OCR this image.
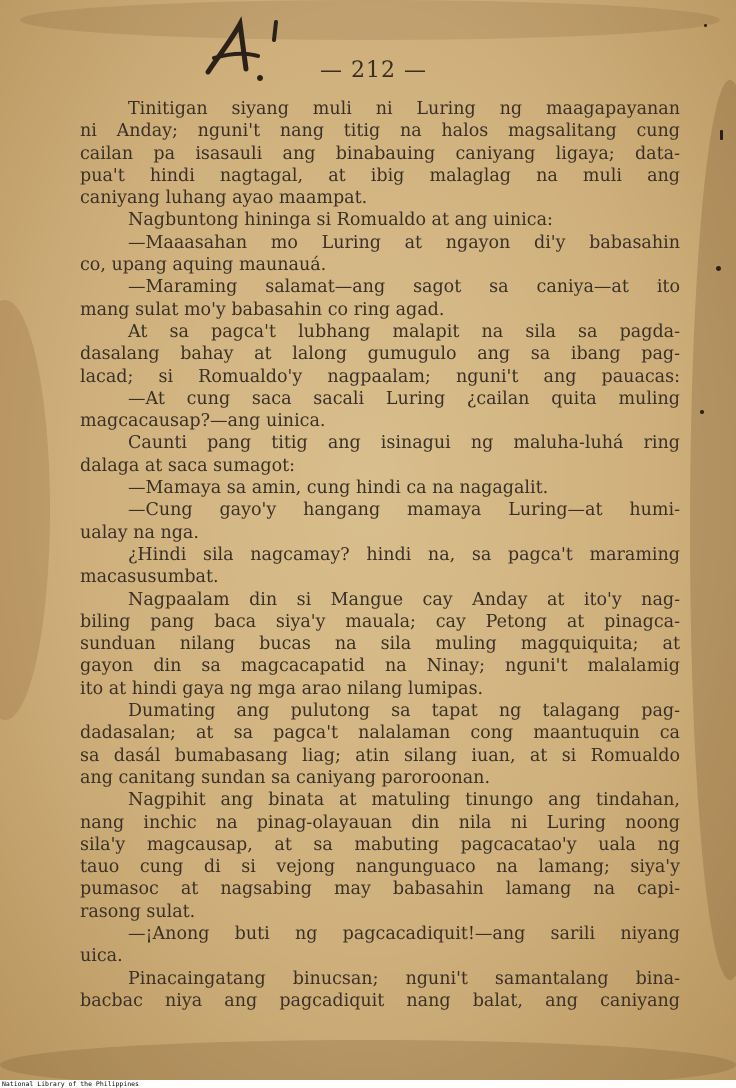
— 212 —
Tinitigan siyang muli ni Luring ng maagapayanan
ni Anday; nguni't nang titig na halos magsalitang cung
cailan pa isasauli ang binabauing caniyang ligaya; data-
pua't hindi nagtagal, at ibig malaglag na muli ang
caniyang luhang ayao maampat.
Nagbuntong hininga si Romualdo at ang uinica:
—Maaasahan mo Luring at ngayon di'y babasahin
co, upang aquing maunauá.
—Maraming salamat—ang sagot sa caniya—at ito
mang sulat mo'y babasahin co ring agad.
At sa pagca't lubhang malapit na sila sa pagda-
dasalang bahay at lalong gumugulo ang sa ibang pag-
lacad; si Romualdo'y nagpaalam; nguni't ang pauacas:
—At cung saca sacali Luring ¿cailan quita muling
magcacausap?—ang uinica.
Caunti pang titig ang isinagui ng maluha-luhá ring
dalaga at saca sumagot:
—Mamaya sa amin, cung hindi ca na nagagalit.
—Cung gayo'y hangang mamaya Luring—at humi-
ualay na nga.
¿Hindi sila nagcamay? hindi na, sa pagca't maraming
macasusumbat.
Nagpaalam din si Mangue cay Anday at ito'y nag-
biling pang baca siya'y mauala; cay Petong at pinagca-
sunduan nilang bucas na sila muling magquiquita; at
gayon din sa magcacapatid na Ninay; nguni't malalamig
ito at hindi gaya ng mga arao nilang lumipas.
Dumating ang pulutong sa tapat ng talagang pag-
dadasalan; at sa pagca't nalalaman cong maantuquin ca
sa dasál bumabasang liag; atin silang iuan, at si Romualdo
ang canitang sundan sa caniyang paroroonan.
Nagpihit ang binata at matuling tinungo ang tindahan,
nang inchic na pinag-olayauan din nila ni Luring noong
sila'y magcausap, at sa mabuting pagcacatao'y uala ng
tauo cung di si vejong nangunguaco na lamang; siya'y
pumasoc at nagsabing may babasahin lamang na capi-
rasong sulat.
—¡Anong buti ng pagcacadiquit!—ang sarili niyang
uica.
Pinacaingatang binucsan; nguni't samantalang bina-
bacbac niya ang pagcadiquit nang balat, ang caniyang
National Library of the Philippines
